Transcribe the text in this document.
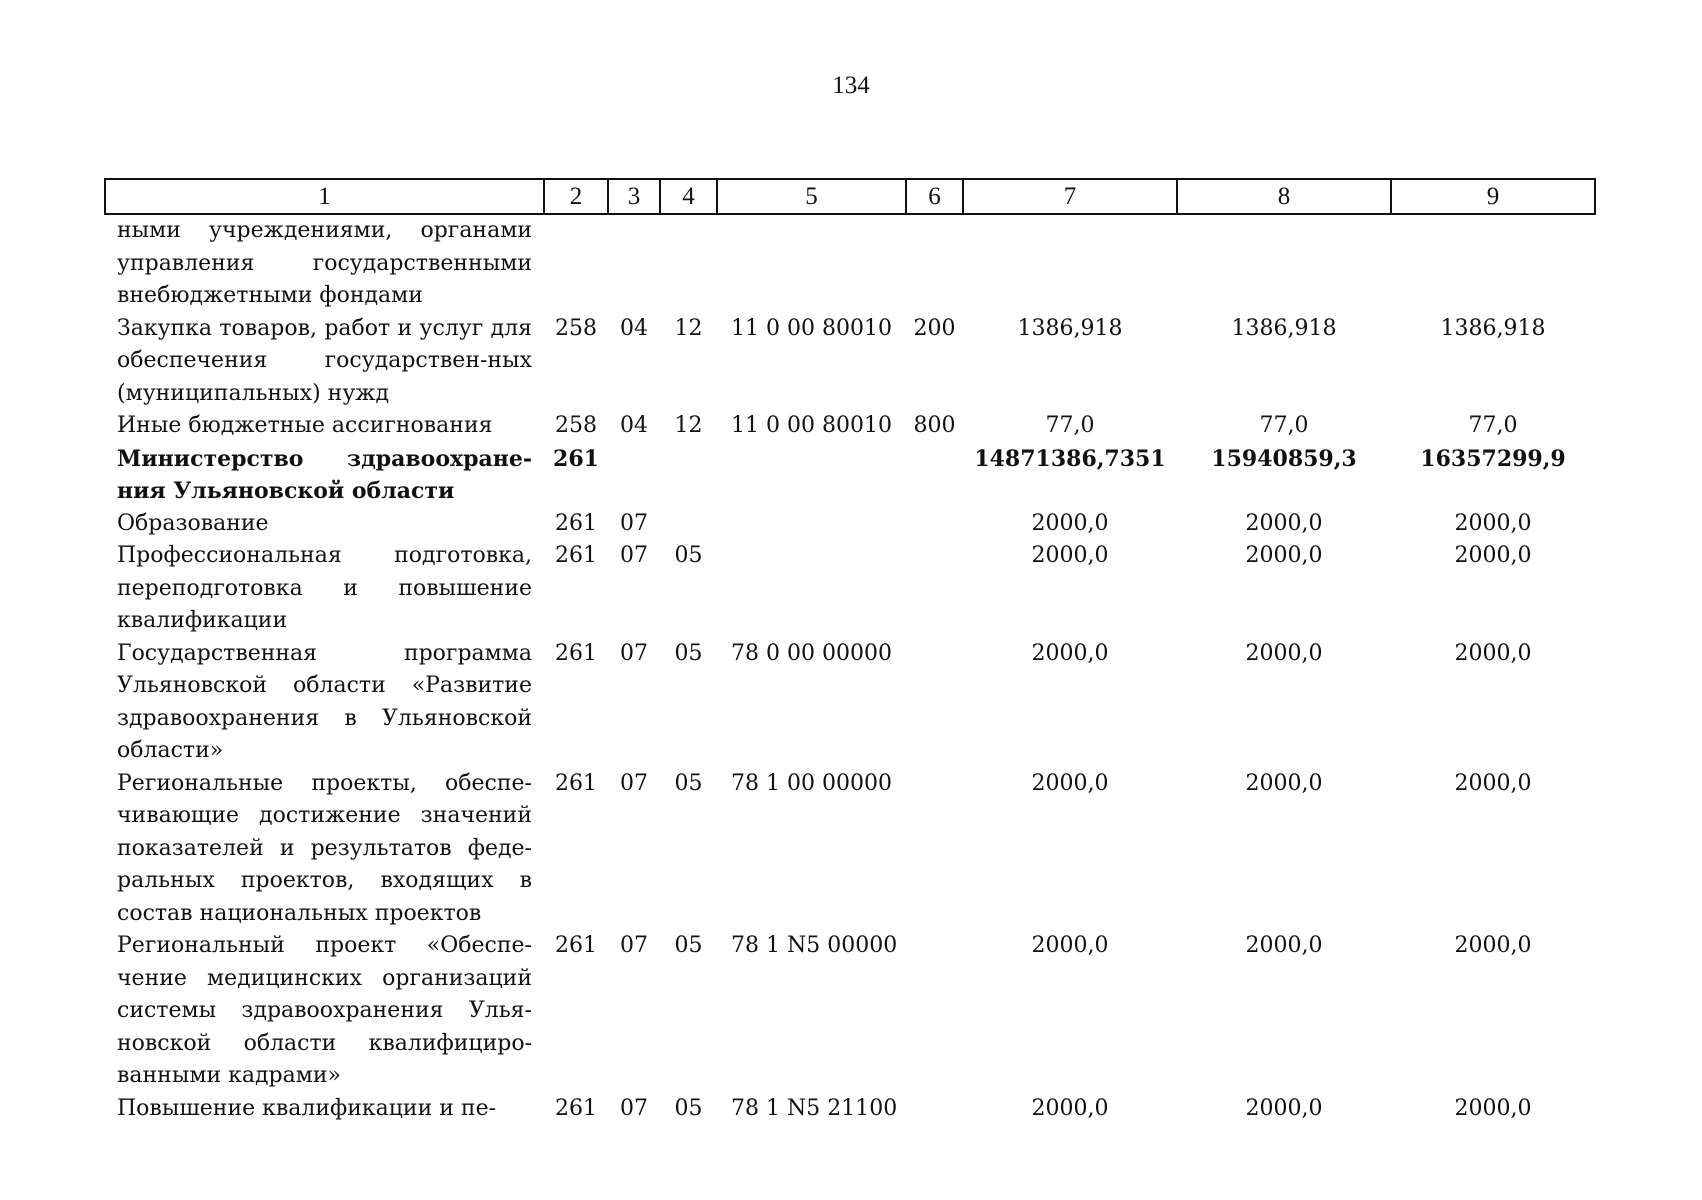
134
1	2	3	4	5	6	7	8	9
ными учреждениями, органами управления государственными внебюджетными фондами								
Закупка товаров, работ и услуг для обеспечения государствен-ных (муниципальных) нужд	258	04	12	11 0 00 80010	200	1386,918	1386,918	1386,918
Иные бюджетные ассигнования	258	04	12	11 0 00 80010	800	77,0	77,0	77,0
Министерство здравоохране-ния Ульяновской области	261					14871386,7351	15940859,3	16357299,9
Образование	261	07				2000,0	2000,0	2000,0
Профессиональная подготовка, переподготовка и повышение квалификации	261	07	05			2000,0	2000,0	2000,0
Государственная программа Ульяновской области «Развитие здравоохранения в Ульяновской области»	261	07	05	78 0 00 00000		2000,0	2000,0	2000,0
Региональные проекты, обеспе-чивающие достижение значений показателей и результатов феде-ральных проектов, входящих в состав национальных проектов	261	07	05	78 1 00 00000		2000,0	2000,0	2000,0
Региональный проект «Обеспе-чение медицинских организаций системы здравоохранения Улья-новской области квалифициро-ванными кадрами»	261	07	05	78 1 N5 00000		2000,0	2000,0	2000,0
Повышение квалификации и пе-	261	07	05	78 1 N5 21100		2000,0	2000,0	2000,0
